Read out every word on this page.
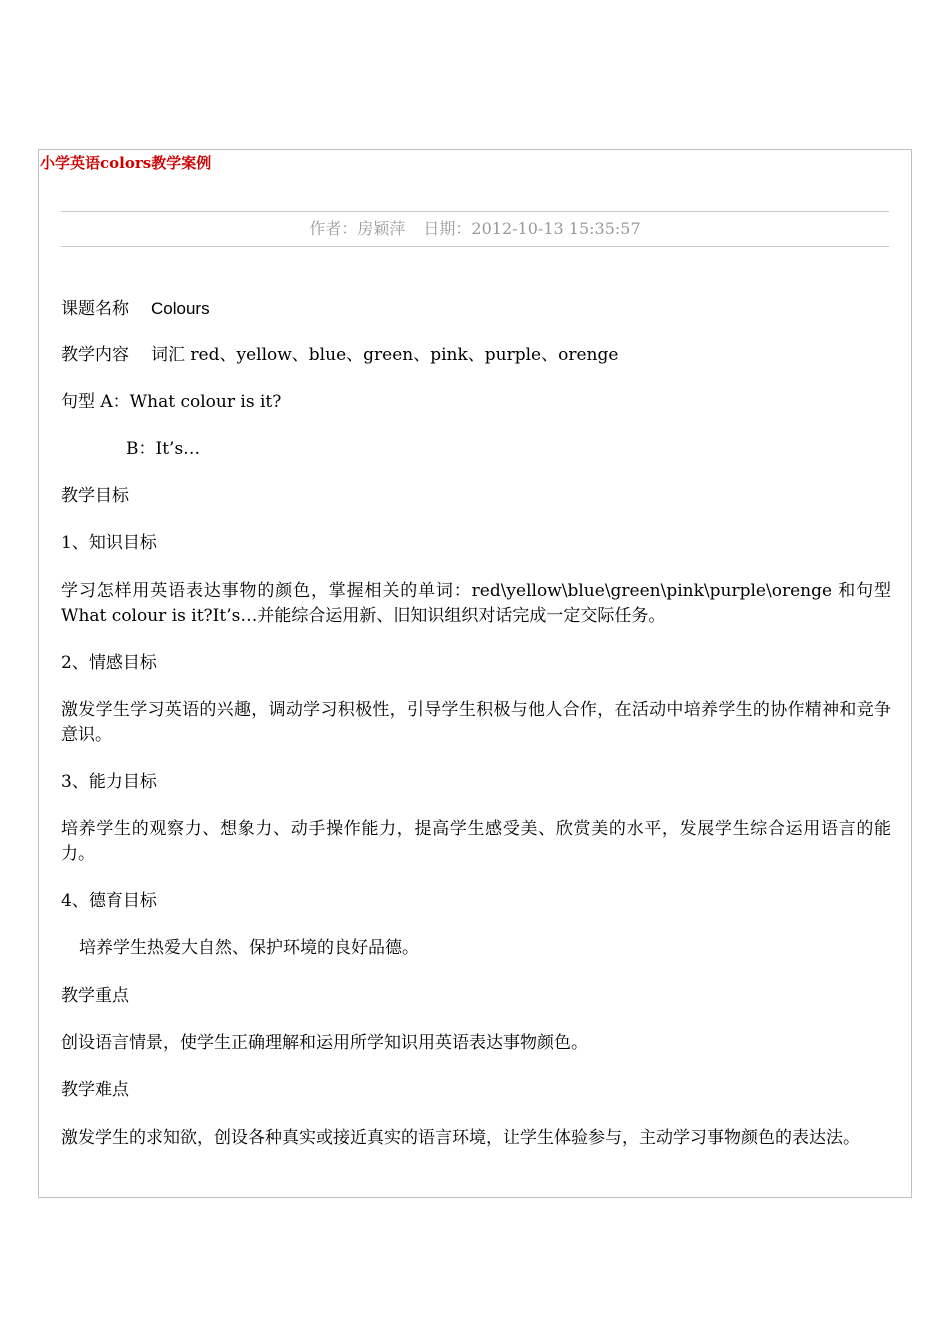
小学英语colors教学案例
作者：房颖萍 日期：2012-10-13 15:35:57
课题名称 Colours
教学内容 词汇 red、yellow、blue、green、pink、purple、orenge
句型 A：What colour is it?
B：It’s…
教学目标
1、知识目标
学习怎样用英语表达事物的颜色，掌握相关的单词：red\yellow\blue\green\pink\purple\orenge 和句型 What colour is it?It’s…并能综合运用新、旧知识组织对话完成一定交际任务。
2、情感目标
激发学生学习英语的兴趣，调动学习积极性，引导学生积极与他人合作，在活动中培养学生的协作精神和竞争意识。
3、能力目标
培养学生的观察力、想象力、动手操作能力，提高学生感受美、欣赏美的水平，发展学生综合运用语言的能力。
4、德育目标
培养学生热爱大自然、保护环境的良好品德。
教学重点
创设语言情景，使学生正确理解和运用所学知识用英语表达事物颜色。
教学难点
激发学生的求知欲，创设各种真实或接近真实的语言环境，让学生体验参与，主动学习事物颜色的表达法。
